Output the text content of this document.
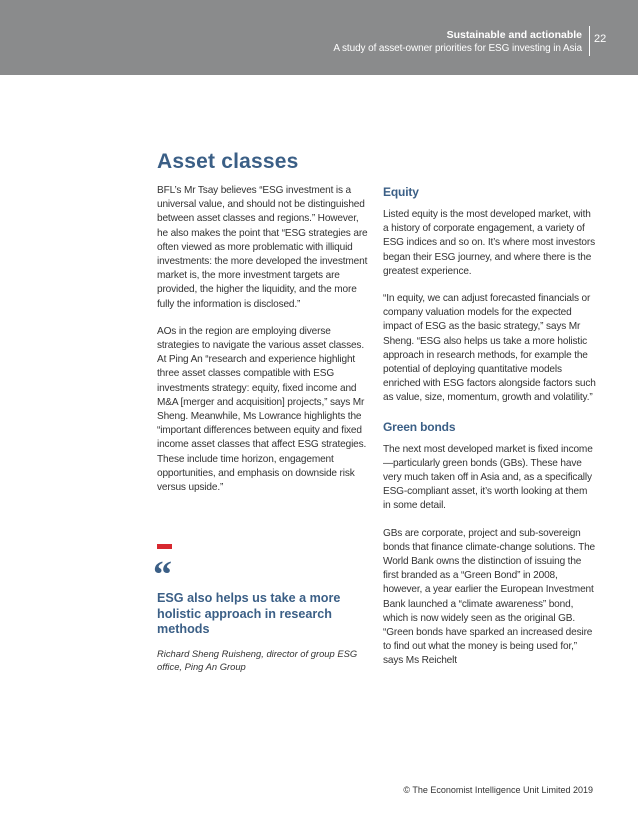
Sustainable and actionable
A study of asset-owner priorities for ESG investing in Asia
22
Asset classes

BFL’s Mr Tsay believes “ESG investment is a universal value, and should not be distinguished between asset classes and regions.” However, he also makes the point that “ESG strategies are often viewed as more problematic with illiquid investments: the more developed the investment market is, the more investment targets are provided, the higher the liquidity, and the more fully the information is disclosed.”

AOs in the region are employing diverse strategies to navigate the various asset classes. At Ping An “research and experience highlight three asset classes compatible with ESG investments strategy: equity, fixed income and M&A [merger and acquisition] projects,” says Mr Sheng. Meanwhile, Ms Lowrance highlights the “important differences between equity and fixed income asset classes that affect ESG strategies. These include time horizon, engagement opportunities, and emphasis on downside risk versus upside.”

“
ESG also helps us take a more holistic approach in research methods
Richard Sheng Ruisheng, director of group ESG office, Ping An Group
Equity

Listed equity is the most developed market, with a history of corporate engagement, a variety of ESG indices and so on. It’s where most investors began their ESG journey, and where there is the greatest experience.

“In equity, we can adjust forecasted financials or company valuation models for the expected impact of ESG as the basic strategy,” says Mr Sheng. “ESG also helps us take a more holistic approach in research methods, for example the potential of deploying quantitative models enriched with ESG factors alongside factors such as value, size, momentum, growth and volatility.”

Green bonds

The next most developed market is fixed income—particularly green bonds (GBs). These have very much taken off in Asia and, as a specifically ESG-compliant asset, it’s worth looking at them in some detail.

GBs are corporate, project and sub-sovereign bonds that finance climate-change solutions. The World Bank owns the distinction of issuing the first branded as a “Green Bond” in 2008, however, a year earlier the European Investment Bank launched a “climate awareness” bond, which is now widely seen as the original GB. “Green bonds have sparked an increased desire to find out what the money is being used for,” says Ms Reichelt

© The Economist Intelligence Unit Limited 2019
